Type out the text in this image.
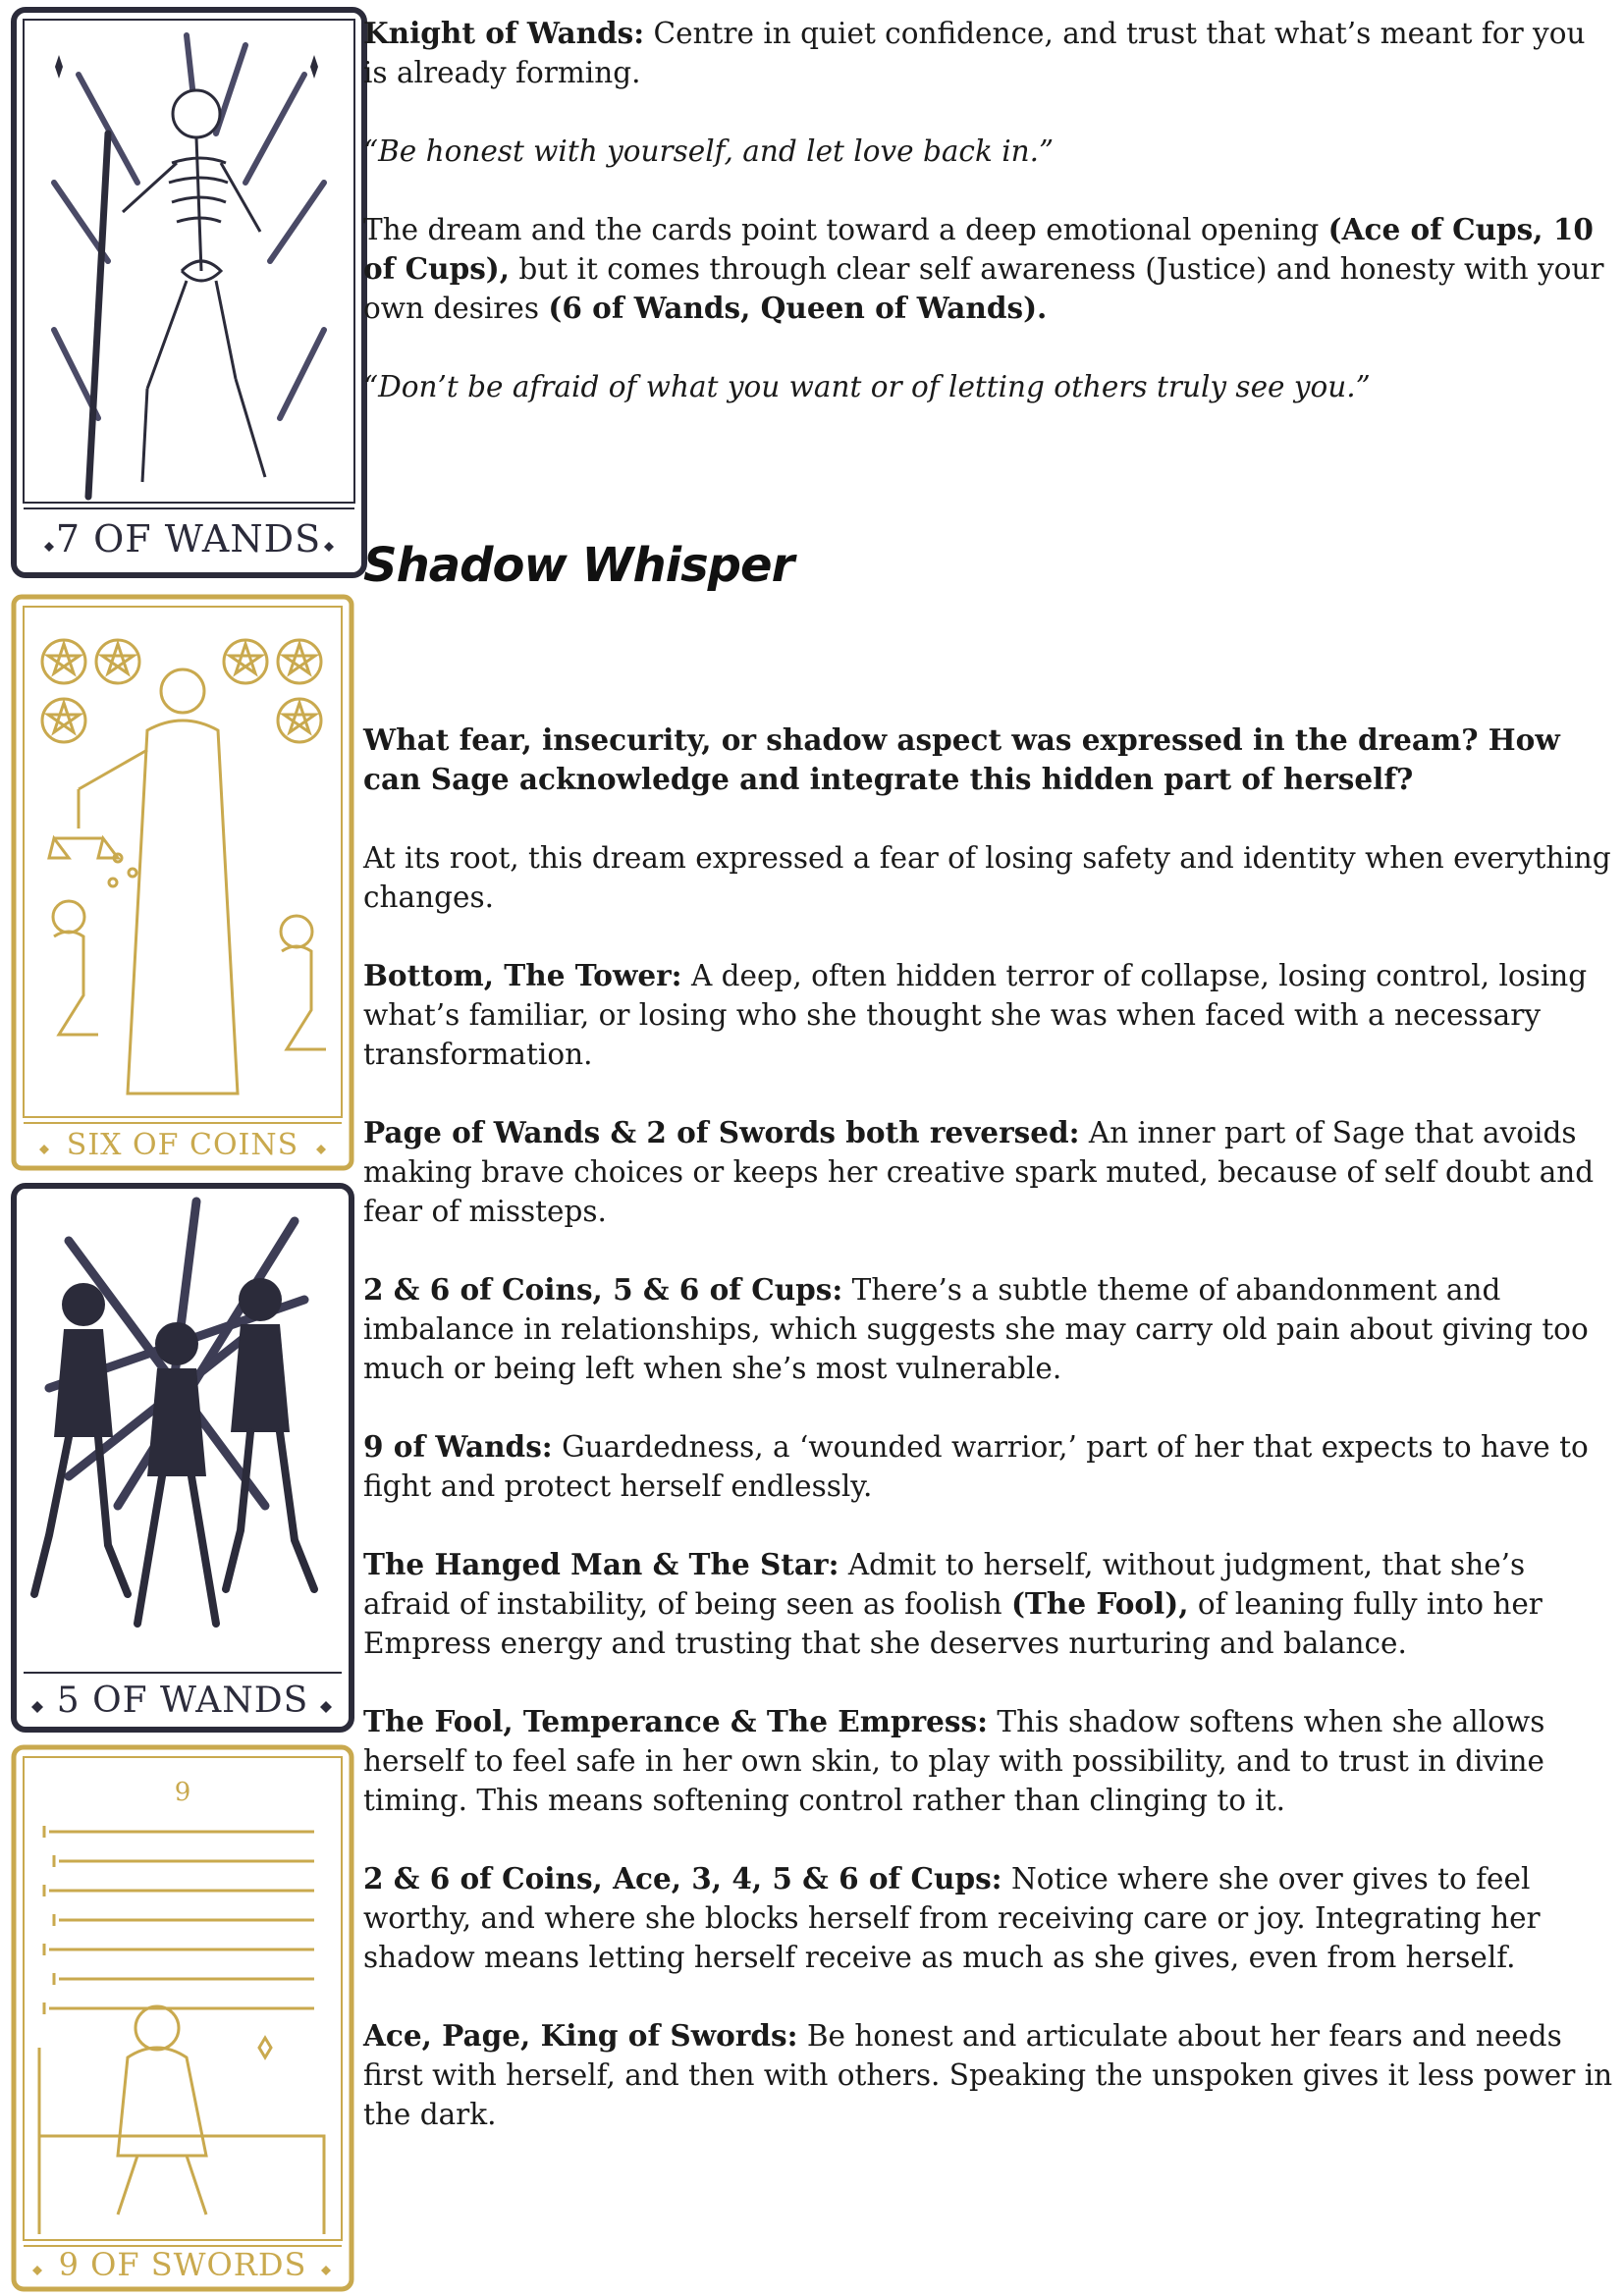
7 OF WANDS
SIX OF COINS
5 OF WANDS
9
9 OF SWORDS

Knight of Wands: Centre in quiet confidence, and trust that what’s meant for you is already forming.

“Be honest with yourself, and let love back in.”

The dream and the cards point toward a deep emotional opening (Ace of Cups, 10 of Cups), but it comes through clear self awareness (Justice) and honesty with your own desires (6 of Wands, Queen of Wands).

“Don’t be afraid of what you want or of letting others truly see you.”

Shadow Whisper

What fear, insecurity, or shadow aspect was expressed in the dream? How can Sage acknowledge and integrate this hidden part of herself?

At its root, this dream expressed a fear of losing safety and identity when everything changes.

Bottom, The Tower: A deep, often hidden terror of collapse, losing control, losing what’s familiar, or losing who she thought she was when faced with a necessary transformation.

Page of Wands & 2 of Swords both reversed: An inner part of Sage that avoids making brave choices or keeps her creative spark muted, because of self doubt and fear of missteps.

2 & 6 of Coins, 5 & 6 of Cups: There’s a subtle theme of abandonment and imbalance in relationships, which suggests she may carry old pain about giving too much or being left when she’s most vulnerable.

9 of Wands: Guardedness, a ‘wounded warrior,’ part of her that expects to have to fight and protect herself endlessly.

The Hanged Man & The Star: Admit to herself, without judgment, that she’s afraid of instability, of being seen as foolish (The Fool), of leaning fully into her Empress energy and trusting that she deserves nurturing and balance.

The Fool, Temperance & The Empress: This shadow softens when she allows herself to feel safe in her own skin, to play with possibility, and to trust in divine timing. This means softening control rather than clinging to it.

2 & 6 of Coins, Ace, 3, 4, 5 & 6 of Cups: Notice where she over gives to feel worthy, and where she blocks herself from receiving care or joy. Integrating her shadow means letting herself receive as much as she gives, even from herself.

Ace, Page, King of Swords: Be honest and articulate about her fears and needs first with herself, and then with others. Speaking the unspoken gives it less power in the dark.
